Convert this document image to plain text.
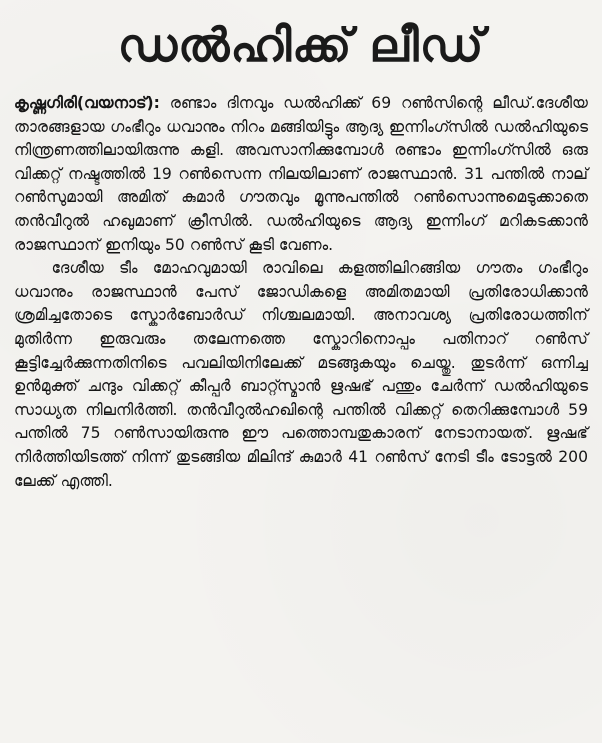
ഡൽഹിക്ക് ലീഡ്

കൃഷ്ണഗിരി(വയനാട്): രണ്ടാം ദിനവും ഡൽഹിക്ക് 69 റൺസിന്റെ ലീഡ്.ദേശീയ താരങ്ങളായ ഗംഭീറും ധവാനും നിറം മങ്ങിയിട്ടും ആദ്യ ഇന്നിംഗ്സിൽ ഡൽഹിയുടെ നിന്ത്രണത്തിലായിരുന്നു കളി. അവസാനിക്കുമ്പോൾ രണ്ടാം ഇന്നിംഗ്സിൽ ഒരു വിക്കറ്റ് നഷ്ടത്തിൽ 19 റൺസെന്ന നിലയിലാണ് രാജസ്ഥാൻ. 31 പന്തിൽ നാല് റൺസുമായി അമിത് കുമാർ ഗൗതവും മൂന്നുപന്തിൽ റൺസൊന്നുമെടുക്കാതെ തൻവീറുൽ ഹഖുമാണ് ക്രീസിൽ. ഡൽഹിയുടെ ആദ്യ ഇന്നിംഗ് മറികടക്കാൻ രാജസ്ഥാന് ഇനിയും 50 റൺസ് കൂടി വേണം.

ദേശീയ ടീം മോഹവുമായി രാവിലെ കളത്തിലിറങ്ങിയ ഗൗതം ഗംഭീറും ധവാനും രാജസ്ഥാൻ പേസ് ജോഡികളെ അമിതമായി പ്രതിരോധിക്കാൻ ശ്രമിച്ചതോടെ സ്കോർബോർഡ് നിശ്ചലമായി. അനാവശ്യ പ്രതിരോധത്തിന് മുതിർന്ന ഇരുവരും തലേന്നത്തെ സ്കോറിനൊപ്പം പതിനാറ് റൺസ് കൂട്ടിച്ചേർക്കുന്നതിനിടെ പവലിയിനിലേക്ക് മടങ്ങുകയും ചെയ്തു. തുടർന്ന് ഒന്നിച്ച ഉൻമുക്ത് ചന്ദും വിക്കറ്റ് കീപ്പർ ബാറ്റ്സ്മാൻ ഋഷഭ് പന്തും ചേർന്ന് ഡൽഹിയുടെ സാധ്യത നിലനിർത്തി. തൻവീറുൽഹഖിന്റെ പന്തിൽ വിക്കറ്റ് തെറിക്കുമ്പോൾ 59 പന്തിൽ 75 റൺസായിരുന്നു ഈ പത്തൊമ്പതുകാരന് നേടാനായത്. ഋഷഭ് നിർത്തിയിടത്ത് നിന്ന് തുടങ്ങിയ മിലിന്ദ് കുമാർ 41 റൺസ് നേടി ടീം ടോട്ടൽ 200 ലേക്ക് എത്തി.
